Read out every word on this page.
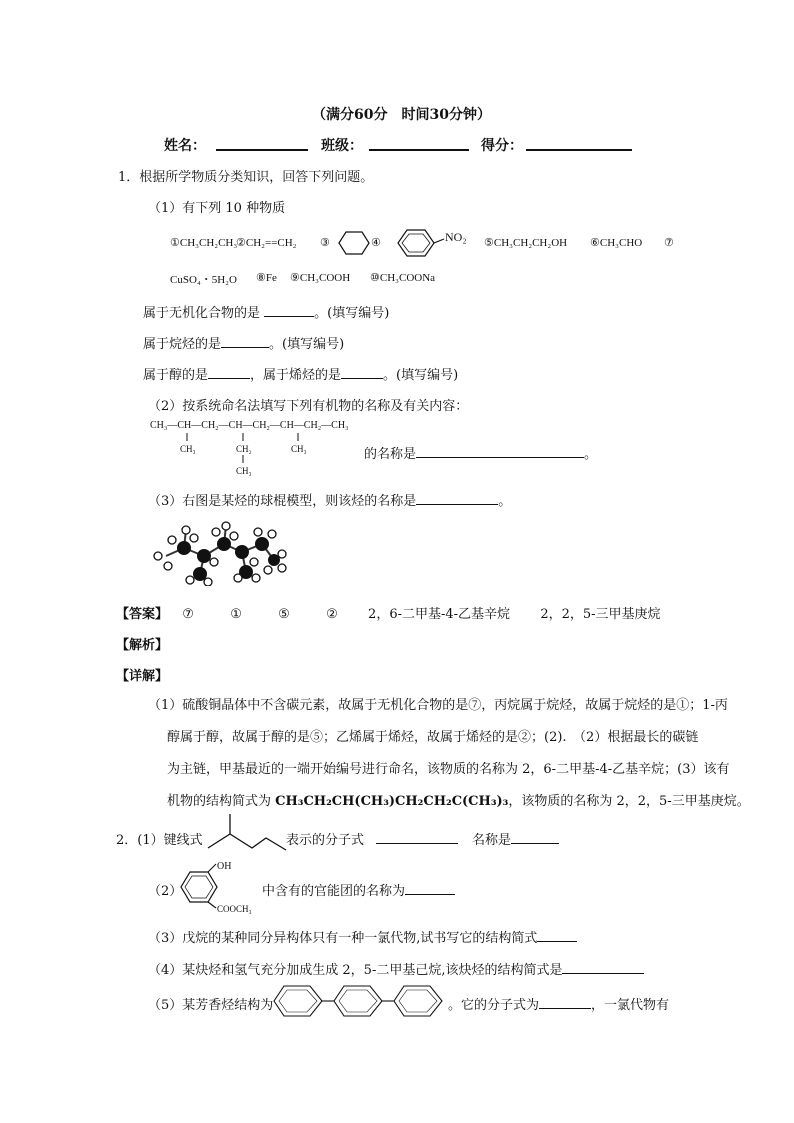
（满分60分　时间30分钟）
姓名：	班级：	得分：
1．根据所学物质分类知识，回答下列问题。
（1）有下列 10 种物质
①CH₃CH₂CH₃
②CH₂==CH₂ ③	④	NO₂ ⑤CH₃CH₂CH₂OH ⑥CH₃CHO ⑦
CuSO₄・5H₂O ⑧Fe ⑨CH₃COOH ⑩CH₃COONa
属于无机化合物的是	。(填写编号)
属于烷烃的是	。(填写编号)
属于醇的是	，属于烯烃的是	。(填写编号)
（2）按系统命名法填写下列有机物的名称及有关内容：
CH₃—CH—CH₂—CH—CH₂—CH—CH₂—CH₃
CH₃	CH₂
CH₃
CH₃	的名称是	。
（3）右图是某烃的球棍模型，则该烃的名称是	。
【答案】 ⑦	①	⑤	② 2，6-二甲基-4-乙基辛烷 2，2，5-三甲基庚烷
【解析】
【详解】
（1）硫酸铜晶体中不含碳元素，故属于无机化合物的是⑦，丙烷属于烷烃，故属于烷烃的是①；1-丙
醇属于醇，故属于醇的是⑤；乙烯属于烯烃，故属于烯烃的是②；(2).　（2）根据最长的碳链
为主链，甲基最近的一端开始编号进行命名，该物质的名称为 2，6-二甲基-4-乙基辛烷；(3）该有
机物的结构简式为 CH₃CH₂CH(CH₃)CH₂CH₂C(CH₃)₃，该物质的名称为 2，2，5-三甲基庚烷。
2．(1）键线式	表示的分子式	名称是
（2）
OH
COOCH₃
中含有的官能团的名称为
（3）戊烷的某种同分异构体只有一种一氯代物,试书写它的结构简式
（4）某炔烃和氢气充分加成生成 2，5-二甲基己烷,该炔烃的结构简式是
（5）某芳香烃结构为	。它的分子式为	，一氯代物有
